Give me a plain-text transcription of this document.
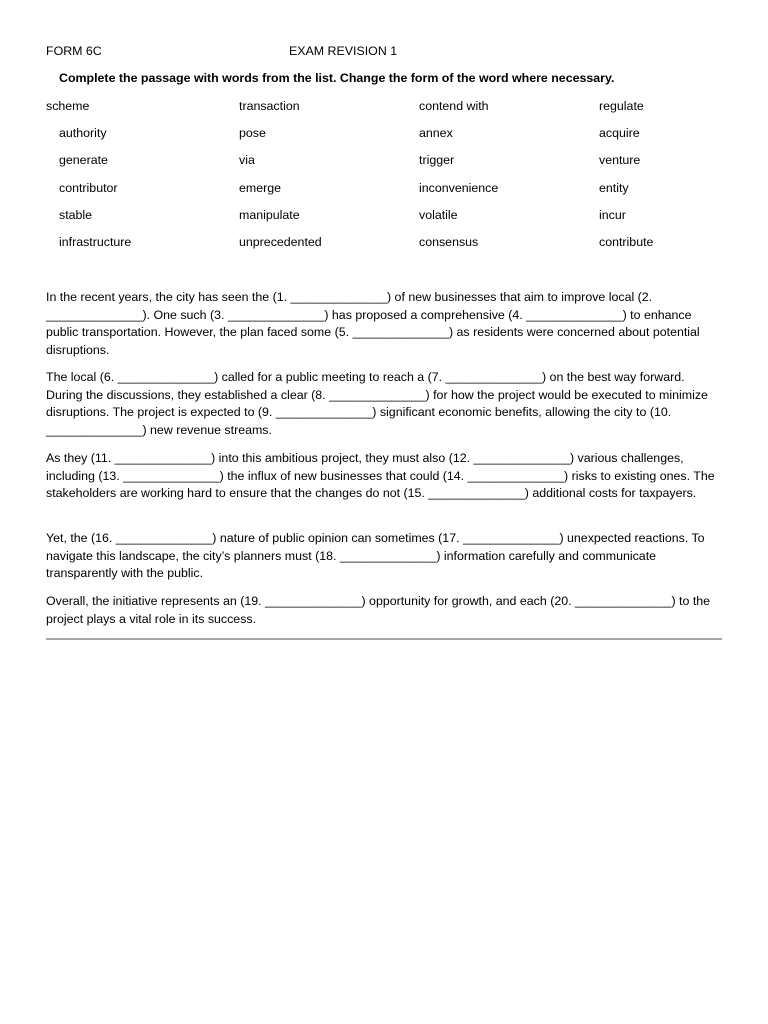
FORM 6C	EXAM REVISION 1
Complete the passage with words from the list. Change the form of the word where necessary.
scheme	transaction	contend with	regulate
authority	pose	annex	acquire
generate	via	trigger	venture
contributor	emerge	inconvenience	entity
stable	manipulate	volatile	incur
infrastructure	unprecedented	consensus	contribute

In the recent years, the city has seen the (1. ______________) of new businesses that aim to improve local (2. ______________). One such (3. ______________) has proposed a comprehensive (4. ______________) to enhance public transportation. However, the plan faced some (5. ______________) as residents were concerned about potential disruptions.

The local (6. ______________) called for a public meeting to reach a (7. ______________) on the best way forward. During the discussions, they established a clear (8. ______________) for how the project would be executed to minimize disruptions. The project is expected to (9. ______________) significant economic benefits, allowing the city to (10. ______________) new revenue streams.

As they (11. ______________) into this ambitious project, they must also (12. ______________) various challenges, including (13. ______________) the influx of new businesses that could (14. ______________) risks to existing ones. The stakeholders are working hard to ensure that the changes do not (15. ______________) additional costs for taxpayers.

Yet, the (16. ______________) nature of public opinion can sometimes (17. ______________) unexpected reactions. To navigate this landscape, the city’s planners must (18. ______________) information carefully and communicate transparently with the public.

Overall, the initiative represents an (19. ______________) opportunity for growth, and each (20. ______________) to the project plays a vital role in its success.
